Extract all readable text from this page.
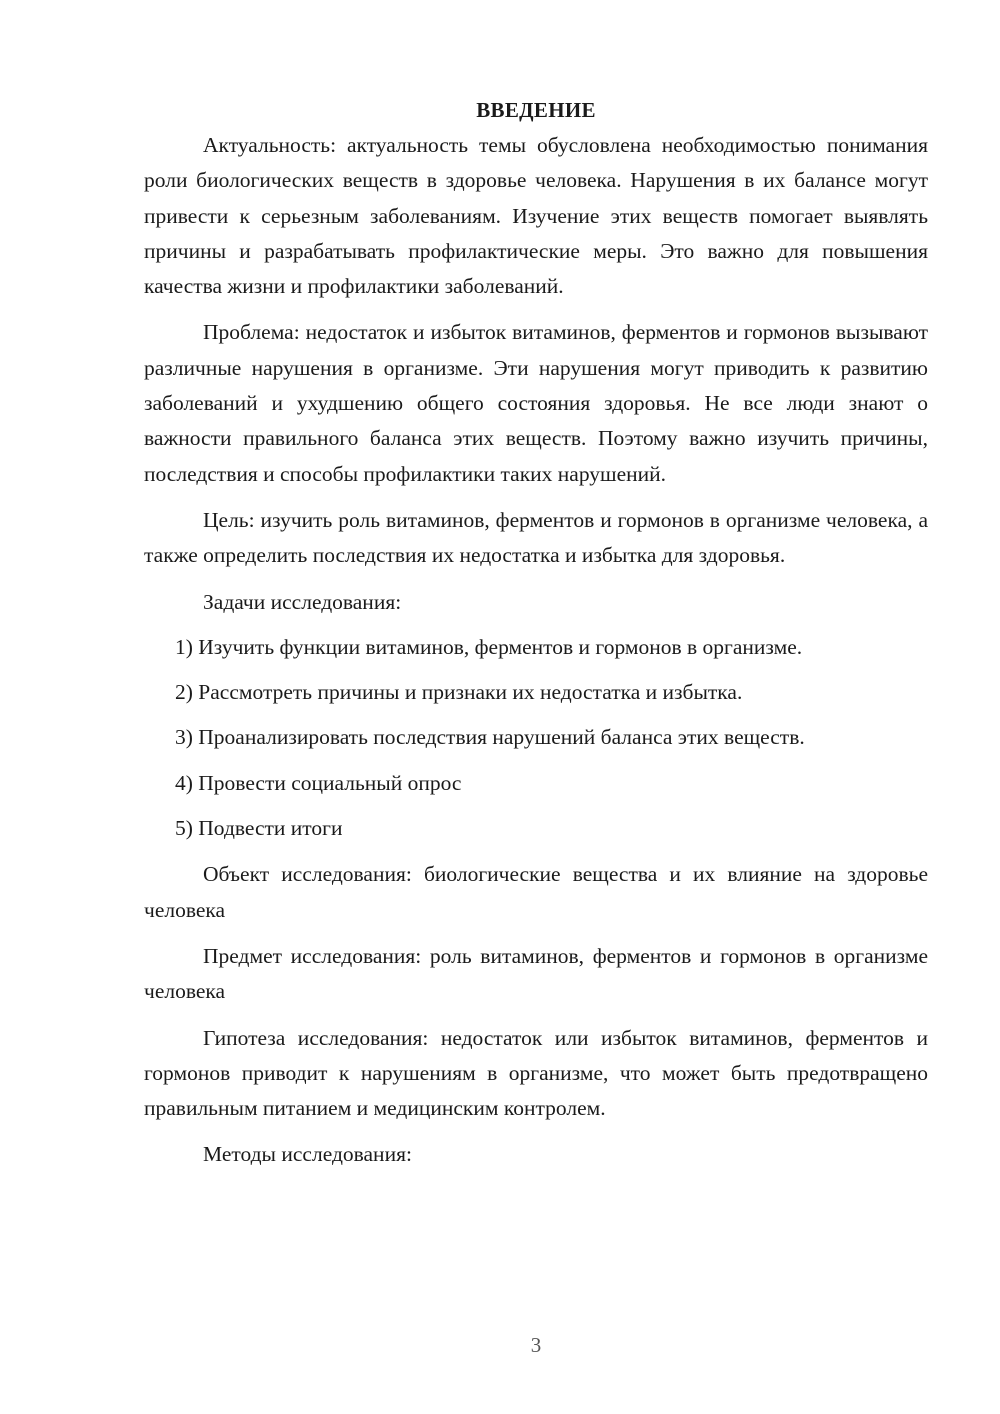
ВВЕДЕНИЕ

Актуальность: актуальность темы обусловлена необходимостью понимания роли биологических веществ в здоровье человека. Нарушения в их балансе могут привести к серьезным заболеваниям. Изучение этих веществ помогает выявлять причины и разрабатывать профилактические меры. Это важно для повышения качества жизни и профилактики заболеваний.

Проблема: недостаток и избыток витаминов, ферментов и гормонов вызывают различные нарушения в организме. Эти нарушения могут приводить к развитию заболеваний и ухудшению общего состояния здоровья. Не все люди знают о важности правильного баланса этих веществ. Поэтому важно изучить причины, последствия и способы профилактики таких нарушений.

Цель: изучить роль витаминов, ферментов и гормонов в организме человека, а также определить последствия их недостатка и избытка для здоровья.

Задачи исследования:

1) Изучить функции витаминов, ферментов и гормонов в организме.
2) Рассмотреть причины и признаки их недостатка и избытка.
3) Проанализировать последствия нарушений баланса этих веществ.
4) Провести социальный опрос
5) Подвести итоги

Объект исследования: биологические вещества и их влияние на здоровье человека

Предмет исследования: роль витаминов, ферментов и гормонов в организме человека

Гипотеза исследования: недостаток или избыток витаминов, ферментов и гормонов приводит к нарушениям в организме, что может быть предотвращено правильным питанием и медицинским контролем.

Методы исследования:

3
